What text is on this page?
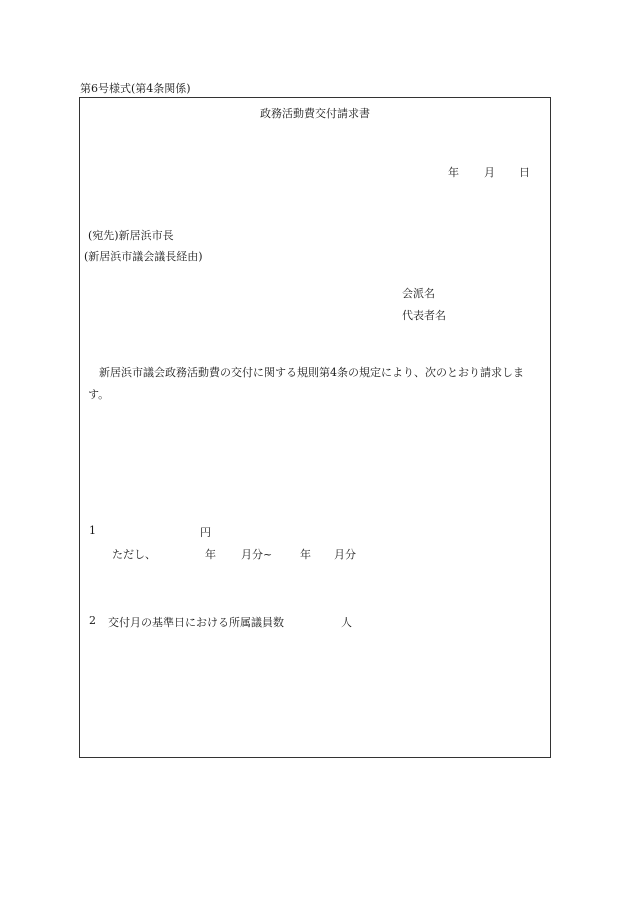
第6号様式(第4条関係)
政務活動費交付請求書
年 月 日
(宛先)新居浜市長
(新居浜市議会議長経由)
会派名
代表者名
新居浜市議会政務活動費の交付に関する規則第4条の規定により、次のとおり請求します。
1	円
ただし、	年 月分~	年 月分
2 交付月の基準日における所属議員数	人
